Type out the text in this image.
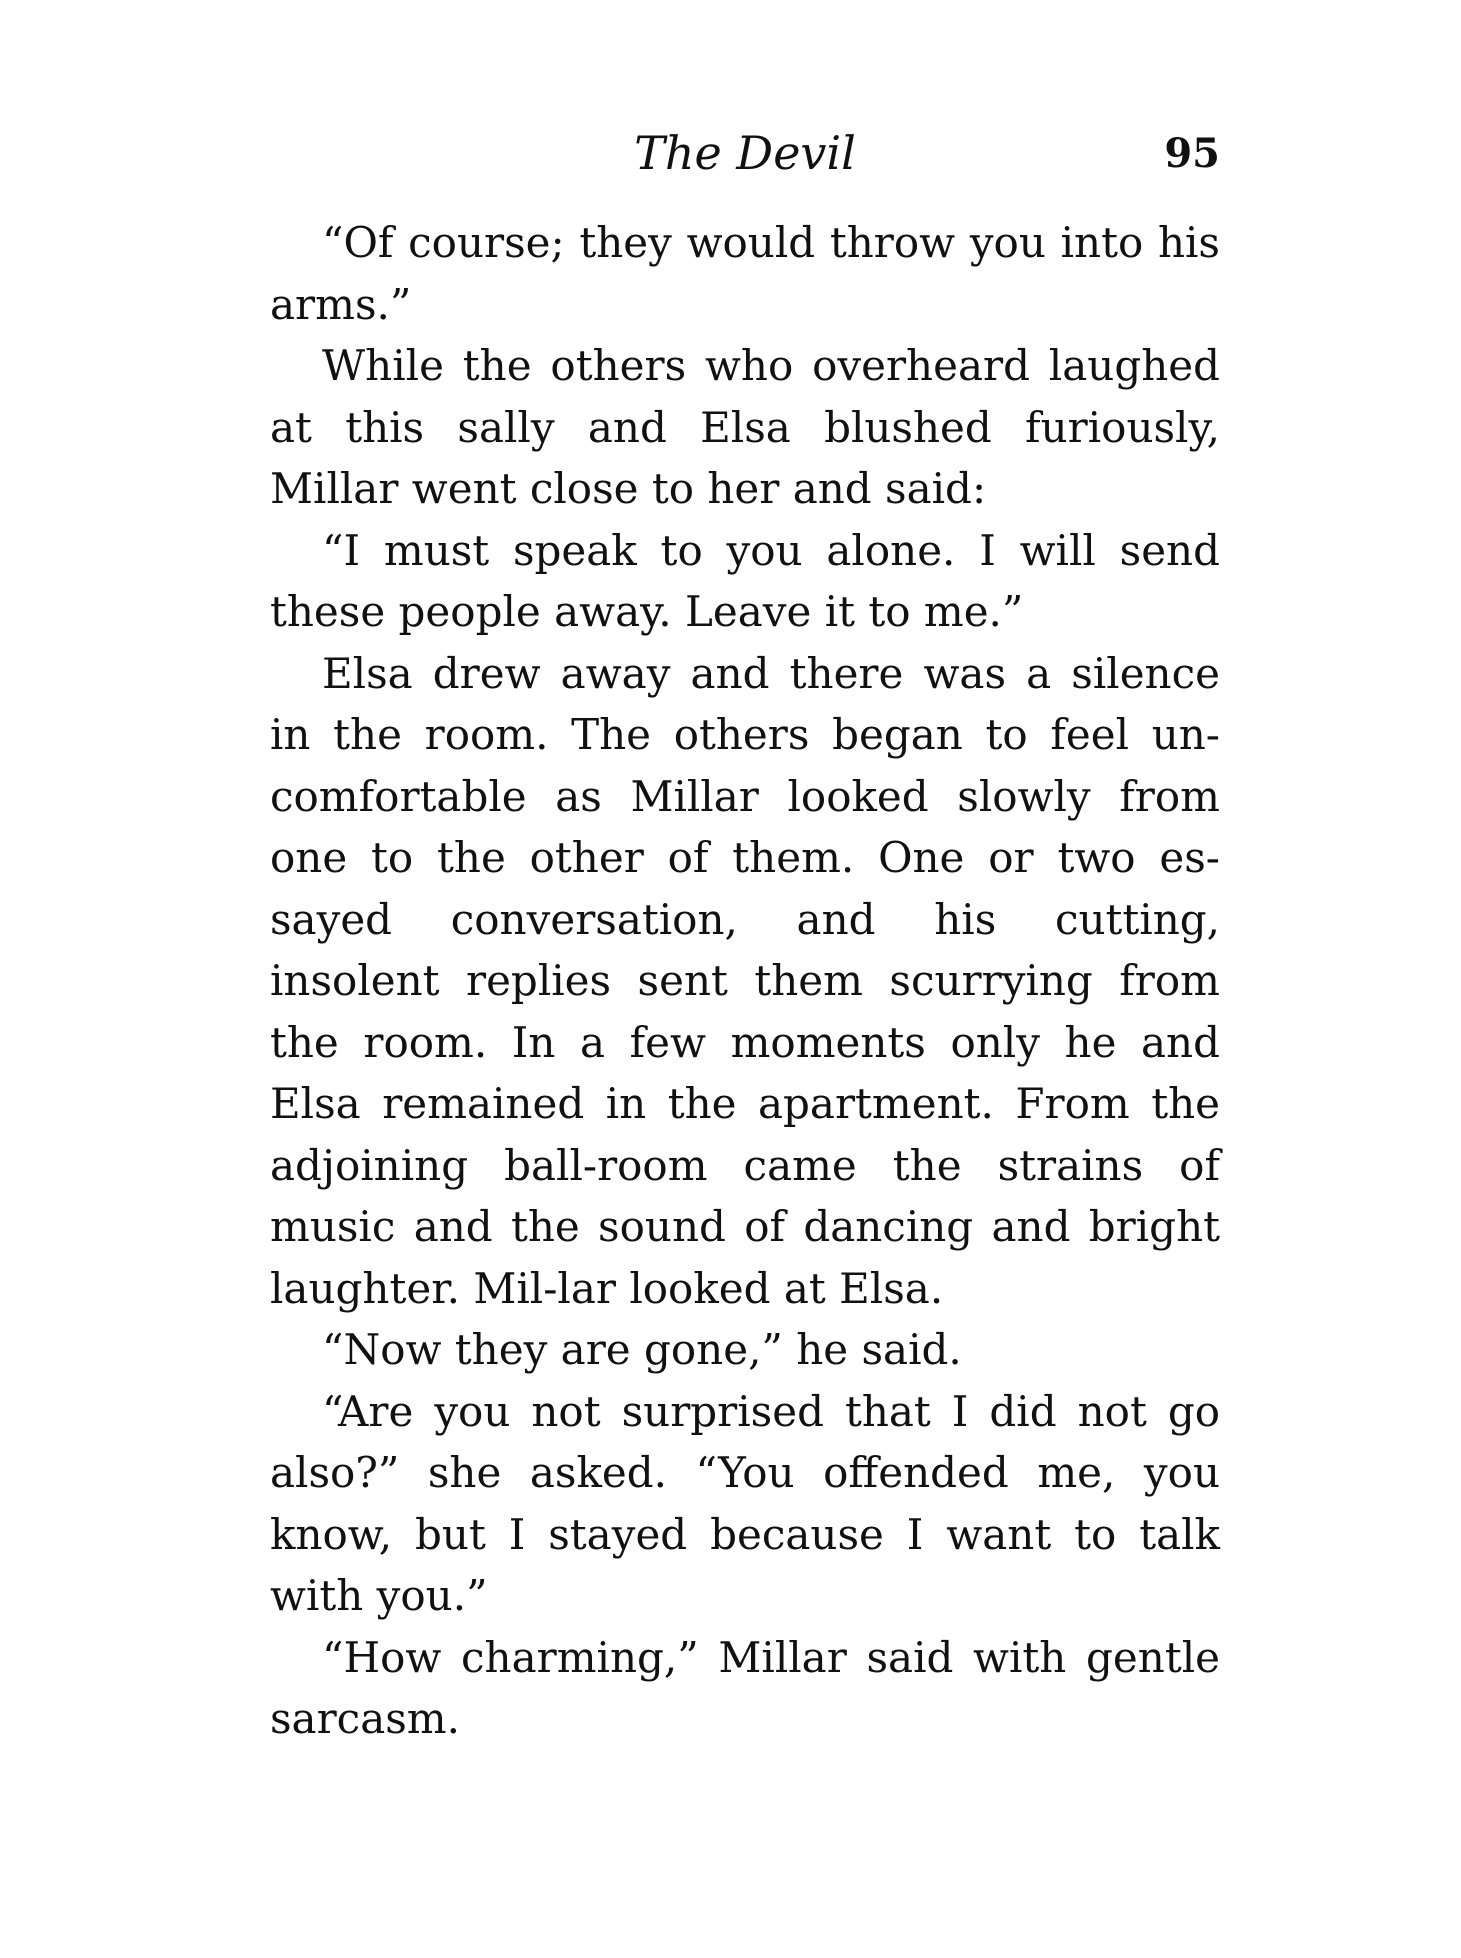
The Devil	95

“Of course; they would throw you into his arms.”

While the others who overheard laughed at this sally and Elsa blushed furiously, Millar went close to her and said:

“I must speak to you alone. I will send these people away. Leave it to me.”

Elsa drew away and there was a silence in the room. The others began to feel un-comfortable as Millar looked slowly from one to the other of them. One or two es-sayed conversation, and his cutting, insolent replies sent them scurrying from the room. In a few moments only he and Elsa remained in the apartment. From the adjoining ball-room came the strains of music and the sound of dancing and bright laughter. Mil-lar looked at Elsa.

“Now they are gone,” he said.

“Are you not surprised that I did not go also?” she asked. “You offended me, you know, but I stayed because I want to talk with you.”

“How charming,” Millar said with gentle sarcasm.
